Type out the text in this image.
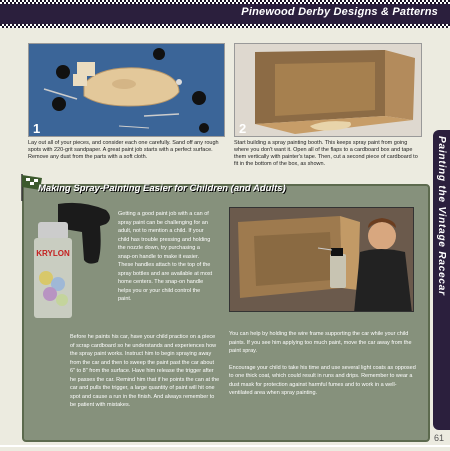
Pinewood Derby Designs & Patterns
1	2
Lay out all of your pieces, and consider each one carefully. Sand off any rough spots with 220-grit sandpaper. A great paint job starts with a perfect surface. Remove any dust from the parts with a soft cloth.
Start building a spray painting booth. This keeps spray paint from going where you don't want it. Open all of the flaps to a cardboard box and tape them vertically with painter's tape. Then, cut a second piece of cardboard to fit in the bottom of the box, as shown.	Painting the Vintage Racecar
Making Spray-Painting Easier for Children (and Adults)
KRYLON
Getting a good paint job with a can of spray paint can be challenging for an adult, not to mention a child. If your child has trouble pressing and holding the nozzle down, try purchasing a snap-on handle to make it easier. These handles attach to the top of the spray bottles and are available at most home centers. The snap-on handle helps you or your child control the paint.
Before he paints his car, have your child practice on a piece of scrap cardboard so he understands and experiences how the spray paint works. Instruct him to begin spraying away from the car and then to sweep the paint past the car about 6" to 8" from the surface. Have him release the trigger after he passes the car. Remind him that if he points the can at the car and pulls the trigger, a large quantity of paint will hit one spot and cause a run in the finish. And always remember to be patient with mistakes.

You can help by holding the wire frame supporting the car while your child paints. If you see him applying too much paint, move the car away from the paint spray.

Encourage your child to take his time and use several light coats as opposed to one thick coat, which could result in runs and drips. Remember to wear a dust mask for protection against harmful fumes and to work in a well-ventilated area when spray painting.

61
